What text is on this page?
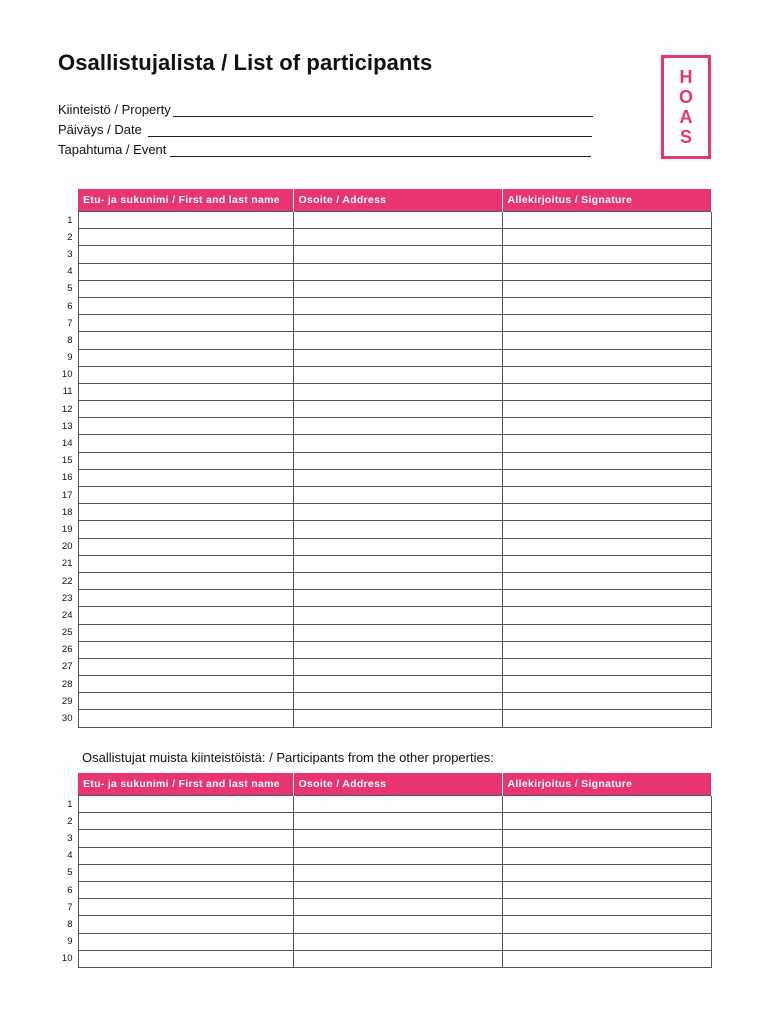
Osallistujalista / List of participants
Kiinteistö / Property
Päiväys / Date
Tapahtuma / Event
H
O
A
S
	Etu- ja sukunimi / First and last name	Osoite / Address	Allekirjoitus / Signature
1			
2			
3			
4			
5			
6			
7			
8			
9			
10			
11			
12			
13			
14			
15			
16			
17			
18			
19			
20			
21			
22			
23			
24			
25			
26			
27			
28			
29			
30			
Osallistujat muista kiinteistöistä: / Participants from the other properties:
	Etu- ja sukunimi / First and last name	Osoite / Address	Allekirjoitus / Signature
1			
2			
3			
4			
5			
6			
7			
8			
9			
10			
